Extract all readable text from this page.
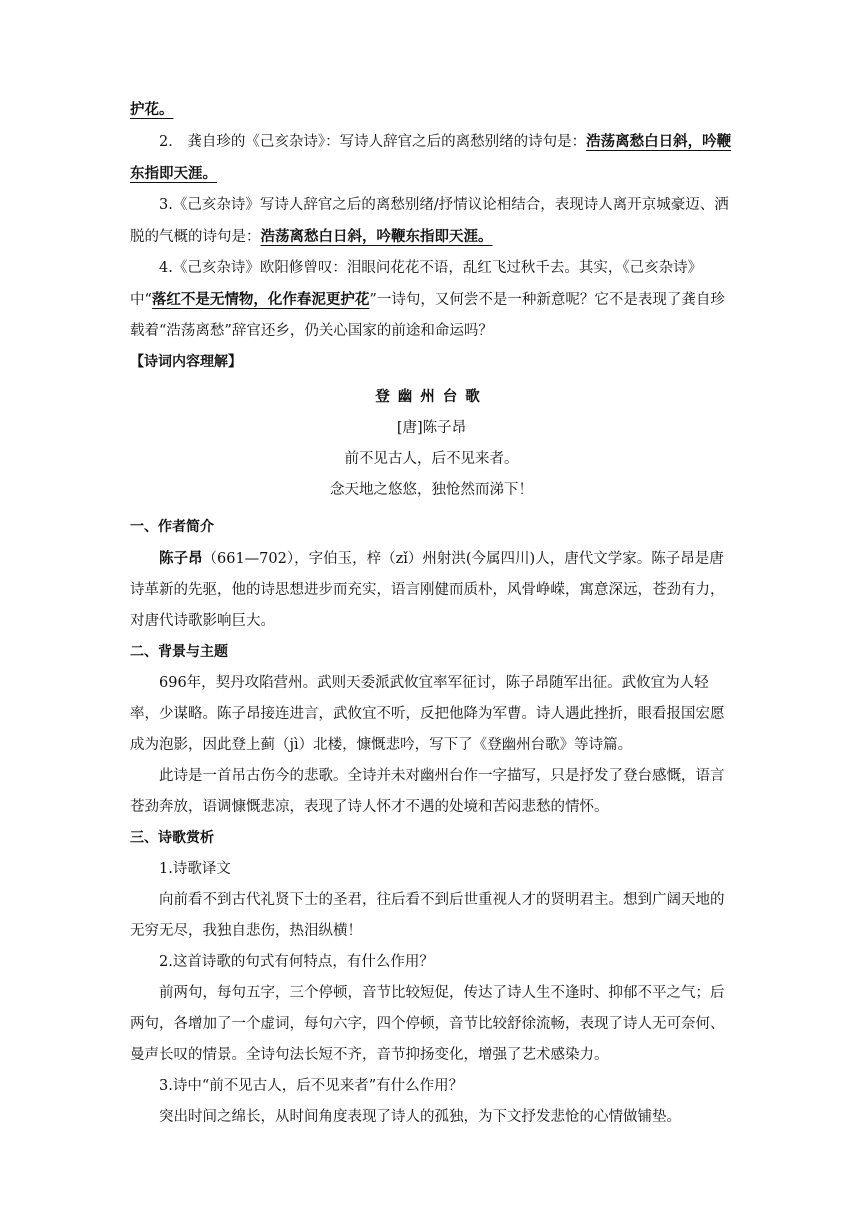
护花。

2． 龚自珍的《己亥杂诗》：写诗人辞官之后的离愁别绪的诗句是：浩荡离愁白日斜，吟鞭东指即天涯。

3.《己亥杂诗》写诗人辞官之后的离愁别绪/抒情议论相结合，表现诗人离开京城豪迈、洒脱的气概的诗句是：浩荡离愁白日斜，吟鞭东指即天涯。

4.《己亥杂诗》欧阳修曾叹：泪眼问花花不语，乱红飞过秋千去。其实，《己亥杂诗》中“落红不是无情物，化作春泥更护花”一诗句，又何尝不是一种新意呢？它不是表现了龚自珍载着“浩荡离愁”辞官还乡，仍关心国家的前途和命运吗？

【诗词内容理解】

登幽州台歌

[唐]陈子昂

前不见古人，后不见来者。

念天地之悠悠，独怆然而涕下！

一、作者简介

陈子昂（661—702），字伯玉，梓（zǐ）州射洪(今属四川)人，唐代文学家。陈子昂是唐诗革新的先驱，他的诗思想进步而充实，语言刚健而质朴，风骨峥嵘，寓意深远，苍劲有力，对唐代诗歌影响巨大。

二、背景与主题

696年，契丹攻陷营州。武则天委派武攸宜率军征讨，陈子昂随军出征。武攸宜为人轻率，少谋略。陈子昂接连进言，武攸宜不听，反把他降为军曹。诗人遇此挫折，眼看报国宏愿成为泡影，因此登上蓟（jì）北楼，慷慨悲吟，写下了《登幽州台歌》等诗篇。

此诗是一首吊古伤今的悲歌。全诗并未对幽州台作一字描写，只是抒发了登台感慨，语言苍劲奔放，语调慷慨悲凉，表现了诗人怀才不遇的处境和苦闷悲愁的情怀。

三、诗歌赏析

1.诗歌译文

向前看不到古代礼贤下士的圣君，往后看不到后世重视人才的贤明君主。想到广阔天地的无穷无尽，我独自悲伤，热泪纵横！

2.这首诗歌的句式有何特点，有什么作用？

前两句，每句五字，三个停顿，音节比较短促，传达了诗人生不逢时、抑郁不平之气；后两句，各增加了一个虚词，每句六字，四个停顿，音节比较舒徐流畅，表现了诗人无可奈何、曼声长叹的情景。全诗句法长短不齐，音节抑扬变化，增强了艺术感染力。

3.诗中“前不见古人，后不见来者”有什么作用？

突出时间之绵长，从时间角度表现了诗人的孤独，为下文抒发悲怆的心情做铺垫。
